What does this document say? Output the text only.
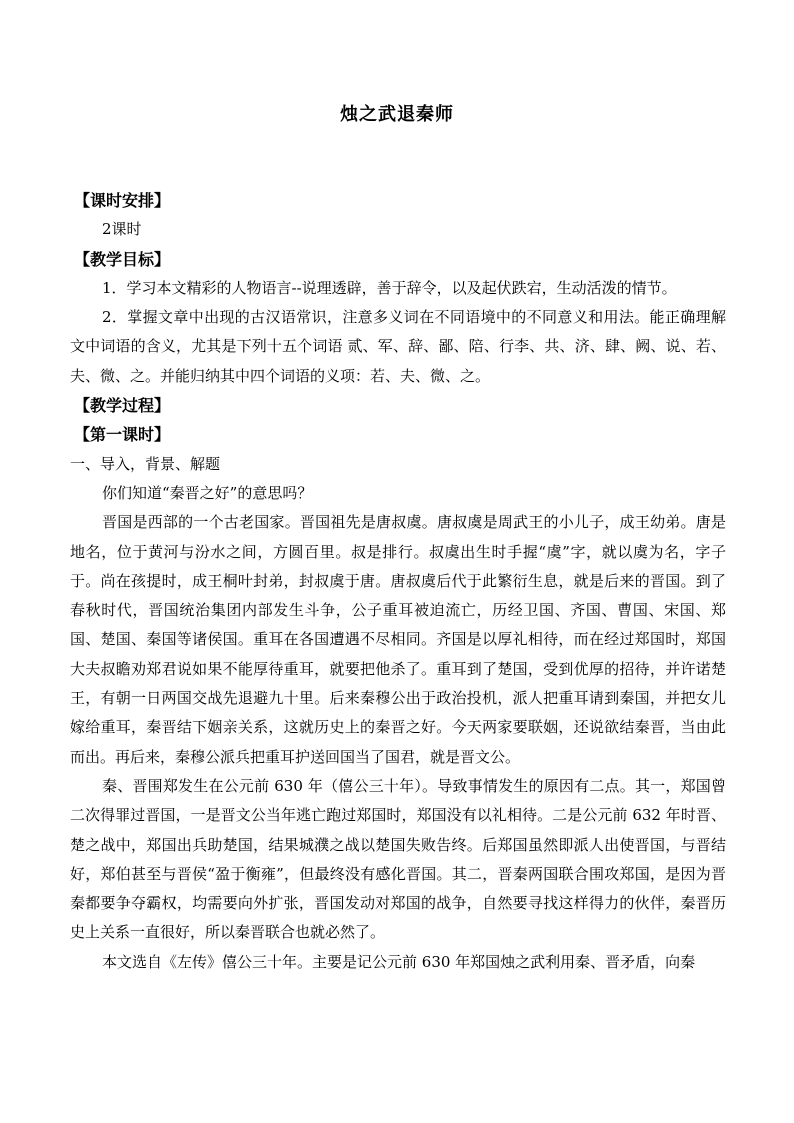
烛之武退秦师
【课时安排】
2课时
【教学目标】
1．学习本文精彩的人物语言--说理透辟，善于辞令，以及起伏跌宕，生动活泼的情节。
2．掌握文章中出现的古汉语常识，注意多义词在不同语境中的不同意义和用法。能正确理解文中词语的含义，尤其是下列十五个词语 贰、军、辞、鄙、陪、行李、共、济、肆、阙、说、若、夫、微、之。并能归纳其中四个词语的义项：若、夫、微、之。
【教学过程】
【第一课时】
一、导入，背景、解题
你们知道“秦晋之好”的意思吗？
晋国是西部的一个古老国家。晋国祖先是唐叔虞。唐叔虞是周武王的小儿子，成王幼弟。唐是地名，位于黄河与汾水之间，方圆百里。叔是排行。叔虞出生时手握“虞”字，就以虞为名，字子于。尚在孩提时，成王桐叶封弟，封叔虞于唐。唐叔虞后代于此繁衍生息，就是后来的晋国。到了春秋时代，晋国统治集团内部发生斗争，公子重耳被迫流亡，历经卫国、齐国、曹国、宋国、郑国、楚国、秦国等诸侯国。重耳在各国遭遇不尽相同。齐国是以厚礼相待，而在经过郑国时，郑国大夫叔瞻劝郑君说如果不能厚待重耳，就要把他杀了。重耳到了楚国，受到优厚的招待，并许诺楚王，有朝一日两国交战先退避九十里。后来秦穆公出于政治投机，派人把重耳请到秦国，并把女儿嫁给重耳，秦晋结下姻亲关系，这就历史上的秦晋之好。今天两家要联姻，还说欲结秦晋，当由此而出。再后来，秦穆公派兵把重耳护送回国当了国君，就是晋文公。
秦、晋围郑发生在公元前 630 年（僖公三十年）。导致事情发生的原因有二点。其一，郑国曾二次得罪过晋国，一是晋文公当年逃亡跑过郑国时，郑国没有以礼相待。二是公元前 632 年时晋、楚之战中，郑国出兵助楚国，结果城濮之战以楚国失败告终。后郑国虽然即派人出使晋国，与晋结好，郑伯甚至与晋侯“盈于衡雍”，但最终没有感化晋国。其二，晋秦两国联合围攻郑国，是因为晋秦都要争夺霸权，均需要向外扩张，晋国发动对郑国的战争，自然要寻找这样得力的伙伴，秦晋历史上关系一直很好，所以秦晋联合也就必然了。
本文选自《左传》僖公三十年。主要是记公元前 630 年郑国烛之武利用秦、晋矛盾，向秦
